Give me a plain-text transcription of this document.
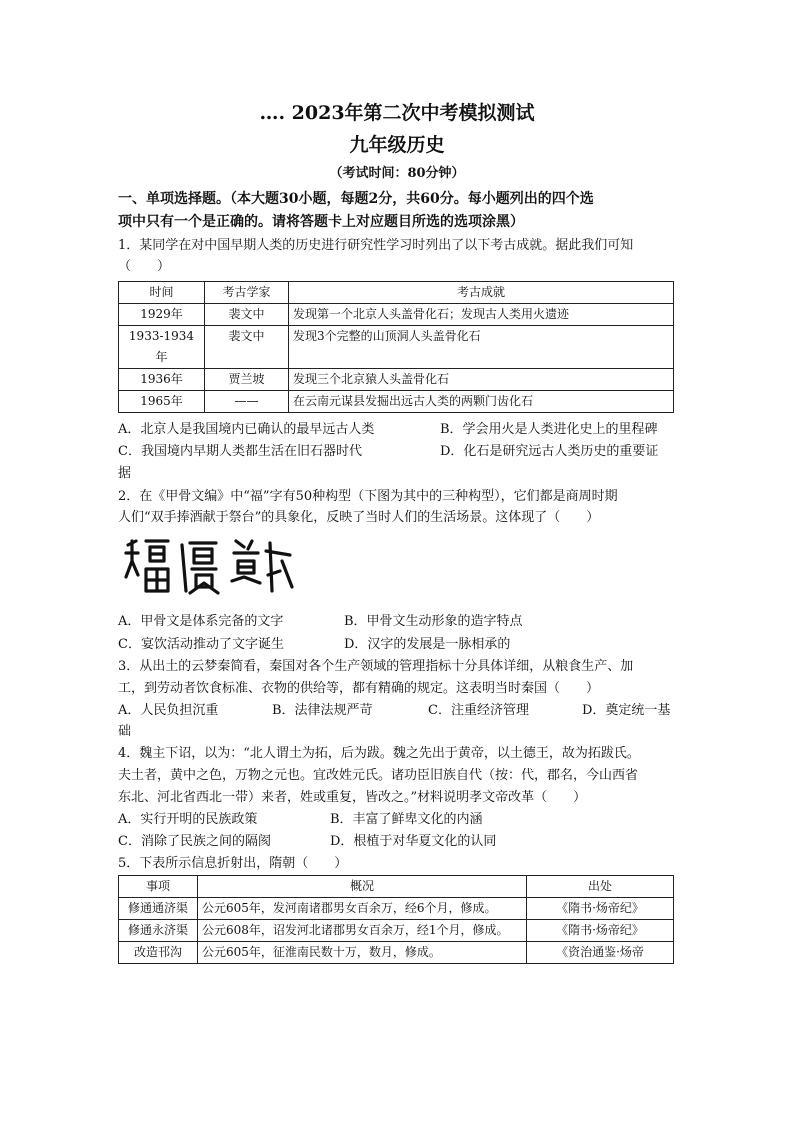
…. 2023年第二次中考模拟测试
九年级历史
（考试时间：80分钟）
一、单项选择题。（本大题30小题，每题2分，共60分。每小题列出的四个选
项中只有一个是正确的。请将答题卡上对应题目所选的选项涂黑）
1．某同学在对中国早期人类的历史进行研究性学习时列出了以下考古成就。据此我们可知
（　　）
时间	考古学家	考古成就
1929年	裴文中	发现第一个北京人头盖骨化石；发现古人类用火遗迹
1933-1934年	裴文中	发现3个完整的山顶洞人头盖骨化石
1936年	贾兰坡	发现三个北京猿人头盖骨化石
1965年	——	在云南元谋县发掘出远古人类的两颗门齿化石
A．北京人是我国境内已确认的最早远古人类	B．学会用火是人类进化史上的里程碑
C．我国境内早期人类都生活在旧石器时代	D．化石是研究远古人类历史的重要证
据
2．在《甲骨文编》中“福”字有50种构型（下图为其中的三种构型），它们都是商周时期
人们“双手捧酒献于祭台”的具象化，反映了当时人们的生活场景。这体现了（　　）
A．甲骨文是体系完备的文字	B．甲骨文生动形象的造字特点
C．宴饮活动推动了文字诞生	D．汉字的发展是一脉相承的
3．从出土的云梦秦简看，秦国对各个生产领域的管理指标十分具体详细，从粮食生产、加
工，到劳动者饮食标准、衣物的供给等，都有精确的规定。这表明当时秦国（　　）
A．人民负担沉重	B．法律法规严苛	C．注重经济管理	D．奠定统一基
础
4．魏主下诏，以为：“北人谓土为拓，后为跋。魏之先出于黄帝，以土德王，故为拓跋氏。
夫土者，黄中之色，万物之元也。宜改姓元氏。诸功臣旧族自代（按：代，郡名，今山西省
东北、河北省西北一带）来者，姓或重复，皆改之。”材料说明孝文帝改革（　　）
A．实行开明的民族政策	B．丰富了鲜卑文化的内涵
C．消除了民族之间的隔阂	D．根植于对华夏文化的认同
5．下表所示信息折射出，隋朝（　　）
事项	概况	出处
修通通济渠	公元605年，发河南诸郡男女百余万，经6个月，修成。	《隋书·炀帝纪》
修通永济渠	公元608年，诏发河北诸郡男女百余万，经1个月，修成。	《隋书·炀帝纪》
改造邗沟	公元605年，征淮南民数十万，数月，修成。	《资治通鉴·炀帝
